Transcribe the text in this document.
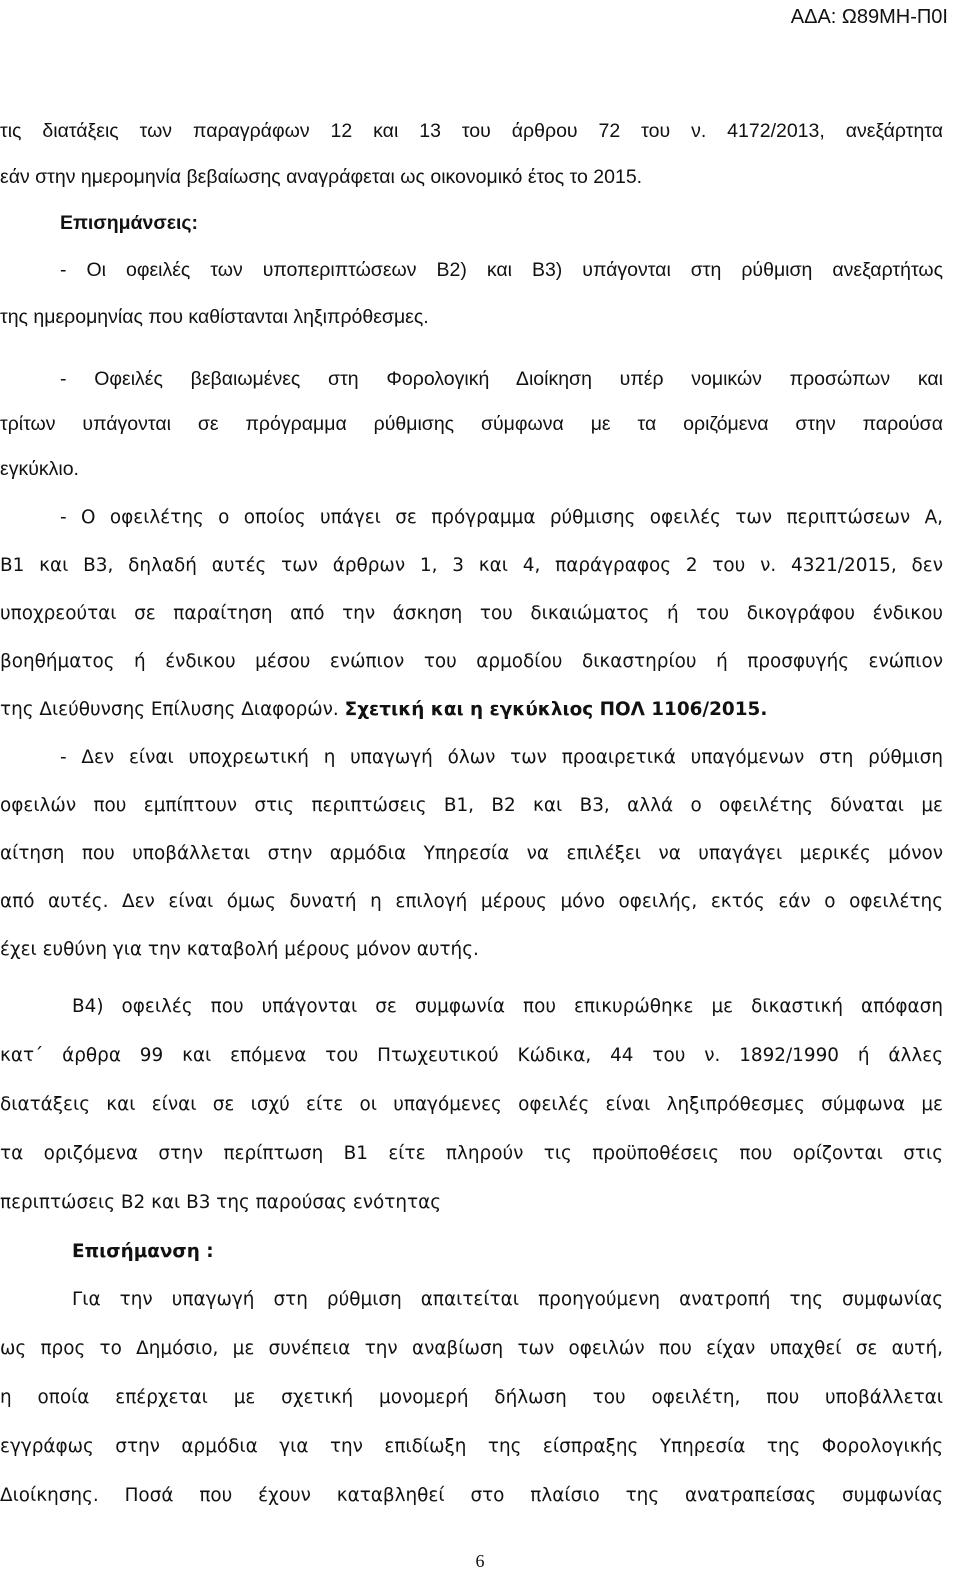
ΑΔΑ: Ω89ΜΗ-Π0Ι
τις διατάξεις των παραγράφων 12 και 13 του άρθρου 72 του ν. 4172/2013, ανεξάρτητα
εάν στην ημερομηνία βεβαίωσης αναγράφεται ως οικονομικό έτος το 2015.
Επισημάνσεις:
- Οι οφειλές των υποπεριπτώσεων Β2) και Β3) υπάγονται στη ρύθμιση ανεξαρτήτως
της ημερομηνίας που καθίστανται ληξιπρόθεσμες.
- Οφειλές βεβαιωμένες στη Φορολογική Διοίκηση υπέρ νομικών προσώπων και
τρίτων υπάγονται σε πρόγραμμα ρύθμισης σύμφωνα με τα οριζόμενα στην παρούσα
εγκύκλιο.
- Ο οφειλέτης ο οποίος υπάγει σε πρόγραμμα ρύθμισης οφειλές των περιπτώσεων Α,
Β1 και Β3, δηλαδή αυτές των άρθρων 1, 3 και 4, παράγραφος 2 του ν. 4321/2015, δεν
υποχρεούται σε παραίτηση από την άσκηση του δικαιώματος ή του δικογράφου ένδικου
βοηθήματος ή ένδικου μέσου ενώπιον του αρμοδίου δικαστηρίου ή προσφυγής ενώπιον
της Διεύθυνσης Επίλυσης Διαφορών. Σχετική και η εγκύκλιος ΠΟΛ 1106/2015.
- Δεν είναι υποχρεωτική η υπαγωγή όλων των προαιρετικά υπαγόμενων στη ρύθμιση
οφειλών που εμπίπτουν στις περιπτώσεις Β1, Β2 και Β3, αλλά ο οφειλέτης δύναται με
αίτηση που υποβάλλεται στην αρμόδια Υπηρεσία να επιλέξει να υπαγάγει μερικές μόνον
από αυτές. Δεν είναι όμως δυνατή η επιλογή μέρους μόνο οφειλής, εκτός εάν ο οφειλέτης
έχει ευθύνη για την καταβολή μέρους μόνον αυτής.
Β4) οφειλές που υπάγονται σε συμφωνία που επικυρώθηκε με δικαστική απόφαση
κατ΄ άρθρα 99 και επόμενα του Πτωχευτικού Κώδικα, 44 του ν. 1892/1990 ή άλλες
διατάξεις και είναι σε ισχύ είτε οι υπαγόμενες οφειλές είναι ληξιπρόθεσμες σύμφωνα με
τα οριζόμενα στην περίπτωση Β1 είτε πληρούν τις προϋποθέσεις που ορίζονται στις
περιπτώσεις Β2 και Β3 της παρούσας ενότητας
Επισήμανση :
Για την υπαγωγή στη ρύθμιση απαιτείται προηγούμενη ανατροπή της συμφωνίας
ως προς το Δημόσιο, με συνέπεια την αναβίωση των οφειλών που είχαν υπαχθεί σε αυτή,
η οποία επέρχεται με σχετική μονομερή δήλωση του οφειλέτη, που υποβάλλεται
εγγράφως στην αρμόδια για την επιδίωξη της είσπραξης Υπηρεσία της Φορολογικής
Διοίκησης. Ποσά που έχουν καταβληθεί στο πλαίσιο της ανατραπείσας συμφωνίας
6
